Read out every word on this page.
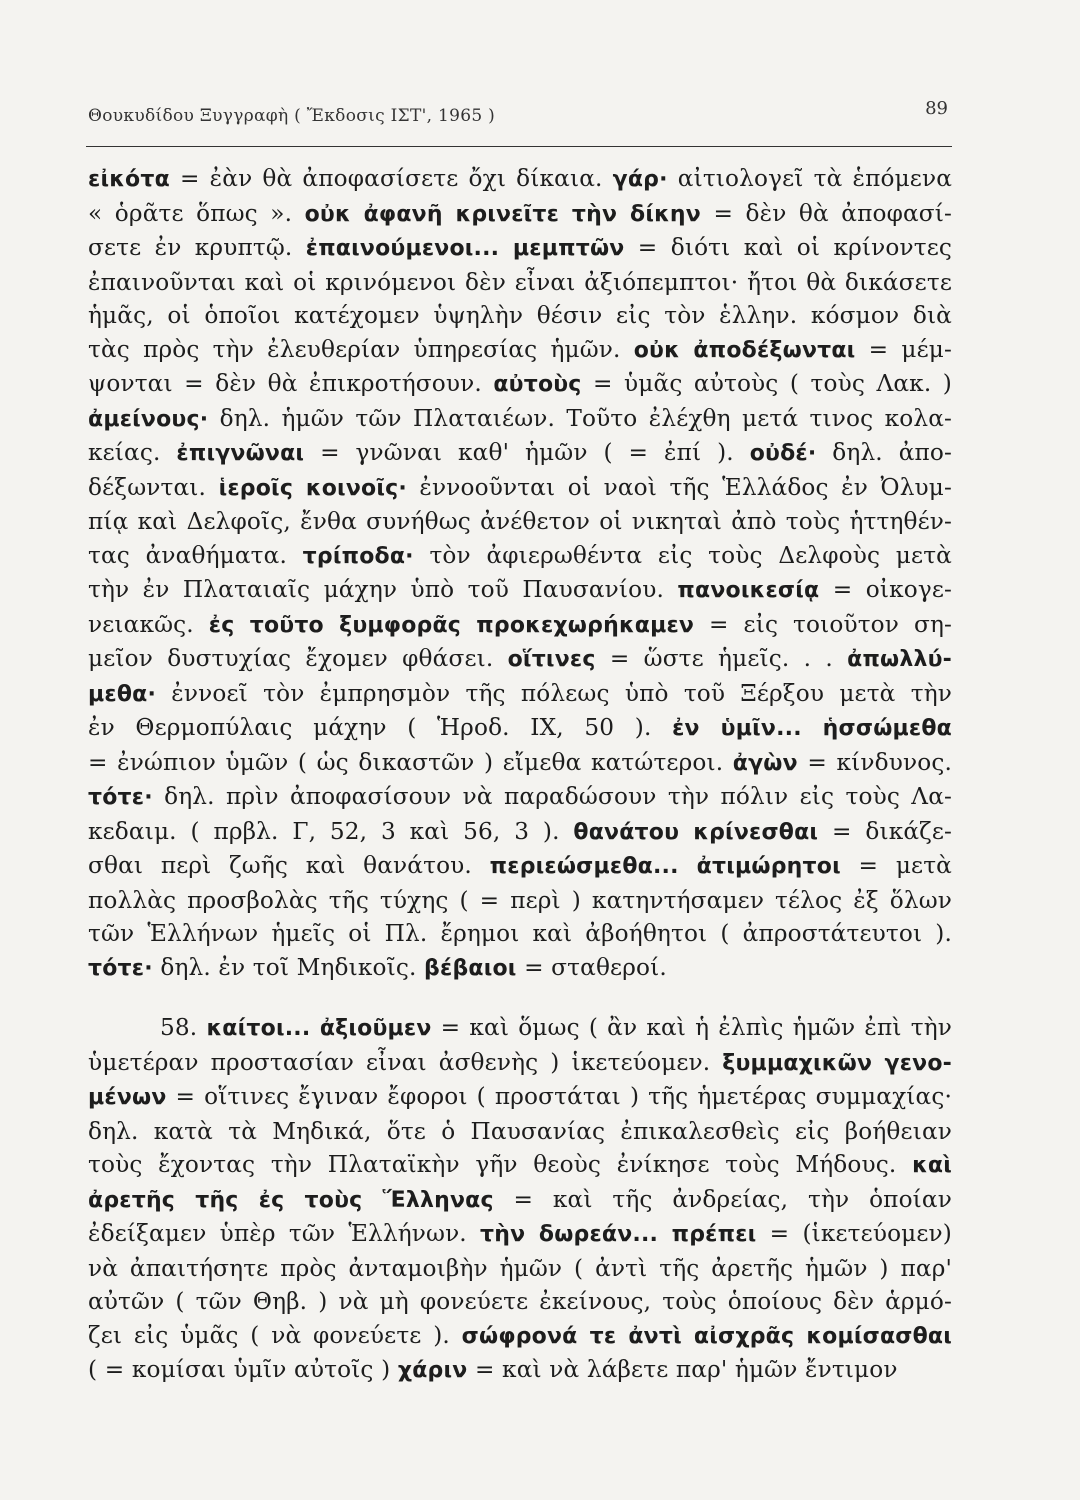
Θουκυδίδου Ξυγγραφὴ ( Ἔκδοσις ΙΣΤ', 1965 )	89
εἰκότα = ἐὰν θὰ ἀποφασίσετε ὄχι δίκαια. γάρ· αἰτιολογεῖ τὰ ἑπόμενα
« ὁρᾶτε ὅπως ». οὐκ ἀφανῆ κρινεῖτε τὴν δίκην = δὲν θὰ ἀποφασί-
σετε ἐν κρυπτῷ. ἐπαινούμενοι... μεμπτῶν = διότι καὶ οἱ κρίνοντες
ἐπαινοῦνται καὶ οἱ κρινόμενοι δὲν εἶναι ἀξιόπεμπτοι· ἤτοι θὰ δικάσετε
ἡμᾶς, οἱ ὁποῖοι κατέχομεν ὑψηλὴν θέσιν εἰς τὸν ἑλλην. κόσμον διὰ
τὰς πρὸς τὴν ἐλευθερίαν ὑπηρεσίας ἡμῶν. οὐκ ἀποδέξωνται = μέμ-
ψονται = δὲν θὰ ἐπικροτήσουν. αὐτοὺς = ὑμᾶς αὐτοὺς ( τοὺς Λακ. )
ἀμείνους· δηλ. ἡμῶν τῶν Πλαταιέων. Τοῦτο ἐλέχθη μετά τινος κολα-
κείας. ἐπιγνῶναι = γνῶναι καθ' ἡμῶν ( = ἐπί ). οὐδέ· δηλ. ἀπο-
δέξωνται. ἱεροῖς κοινοῖς· ἐννοοῦνται οἱ ναοὶ τῆς Ἑλλάδος ἐν Ὀλυμ-
πίᾳ καὶ Δελφοῖς, ἔνθα συνήθως ἀνέθετον οἱ νικηταὶ ἀπὸ τοὺς ἡττηθέν-
τας ἀναθήματα. τρίποδα· τὸν ἀφιερωθέντα εἰς τοὺς Δελφοὺς μετὰ
τὴν ἐν Πλαταιαῖς μάχην ὑπὸ τοῦ Παυσανίου. πανοικεσίᾳ = οἰκογε-
νειακῶς. ἐς τοῦτο ξυμφορᾶς προκεχωρήκαμεν = εἰς τοιοῦτον ση-
μεῖον δυστυχίας ἔχομεν φθάσει. οἵτινες = ὥστε ἡμεῖς. . . ἀπωλλύ-
μεθα· ἐννοεῖ τὸν ἐμπρησμὸν τῆς πόλεως ὑπὸ τοῦ Ξέρξου μετὰ τὴν
ἐν Θερμοπύλαις μάχην ( Ἡροδ. ΙΧ, 50 ). ἐν ὑμῖν... ἡσσώμεθα
= ἐνώπιον ὑμῶν ( ὡς δικαστῶν ) εἴμεθα κατώτεροι. ἀγὼν = κίνδυνος.
τότε· δηλ. πρὶν ἀποφασίσουν νὰ παραδώσουν τὴν πόλιν εἰς τοὺς Λα-
κεδαιμ. ( πρβλ. Γ, 52, 3 καὶ 56, 3 ). θανάτου κρίνεσθαι = δικάζε-
σθαι περὶ ζωῆς καὶ θανάτου. περιεώσμεθα... ἀτιμώρητοι = μετὰ
πολλὰς προσβολὰς τῆς τύχης ( = περὶ ) κατηντήσαμεν τέλος ἐξ ὅλων
τῶν Ἑλλήνων ἡμεῖς οἱ Πλ. ἔρημοι καὶ ἀβοήθητοι ( ἀπροστάτευτοι ).
τότε· δηλ. ἐν τοῖ Μηδικοῖς. βέβαιοι = σταθεροί.
58. καίτοι... ἀξιοῦμεν = καὶ ὅμως ( ἂν καὶ ἡ ἐλπὶς ἡμῶν ἐπὶ τὴν
ὑμετέραν προστασίαν εἶναι ἀσθενὴς ) ἱκετεύομεν. ξυμμαχικῶν γενο-
μένων = οἵτινες ἔγιναν ἔφοροι ( προστάται ) τῆς ἡμετέρας συμμαχίας·
δηλ. κατὰ τὰ Μηδικά, ὅτε ὁ Παυσανίας ἐπικαλεσθεὶς εἰς βοήθειαν
τοὺς ἔχοντας τὴν Πλαταϊκὴν γῆν θεοὺς ἐνίκησε τοὺς Μήδους. καὶ
ἀρετῆς τῆς ἐς τοὺς Ἕλληνας = καὶ τῆς ἀνδρείας, τὴν ὁποίαν
ἐδείξαμεν ὑπὲρ τῶν Ἑλλήνων. τὴν δωρεάν... πρέπει = (ἱκετεύομεν)
νὰ ἀπαιτήσητε πρὸς ἀνταμοιβὴν ἡμῶν ( ἀντὶ τῆς ἀρετῆς ἡμῶν ) παρ'
αὐτῶν ( τῶν Θηβ. ) νὰ μὴ φονεύετε ἐκείνους, τοὺς ὁποίους δὲν ἁρμό-
ζει εἰς ὑμᾶς ( νὰ φονεύετε ). σώφρονά τε ἀντὶ αἰσχρᾶς κομίσασθαι
( = κομίσαι ὑμῖν αὐτοῖς ) χάριν = καὶ νὰ λάβετε παρ' ἡμῶν ἔντιμον
